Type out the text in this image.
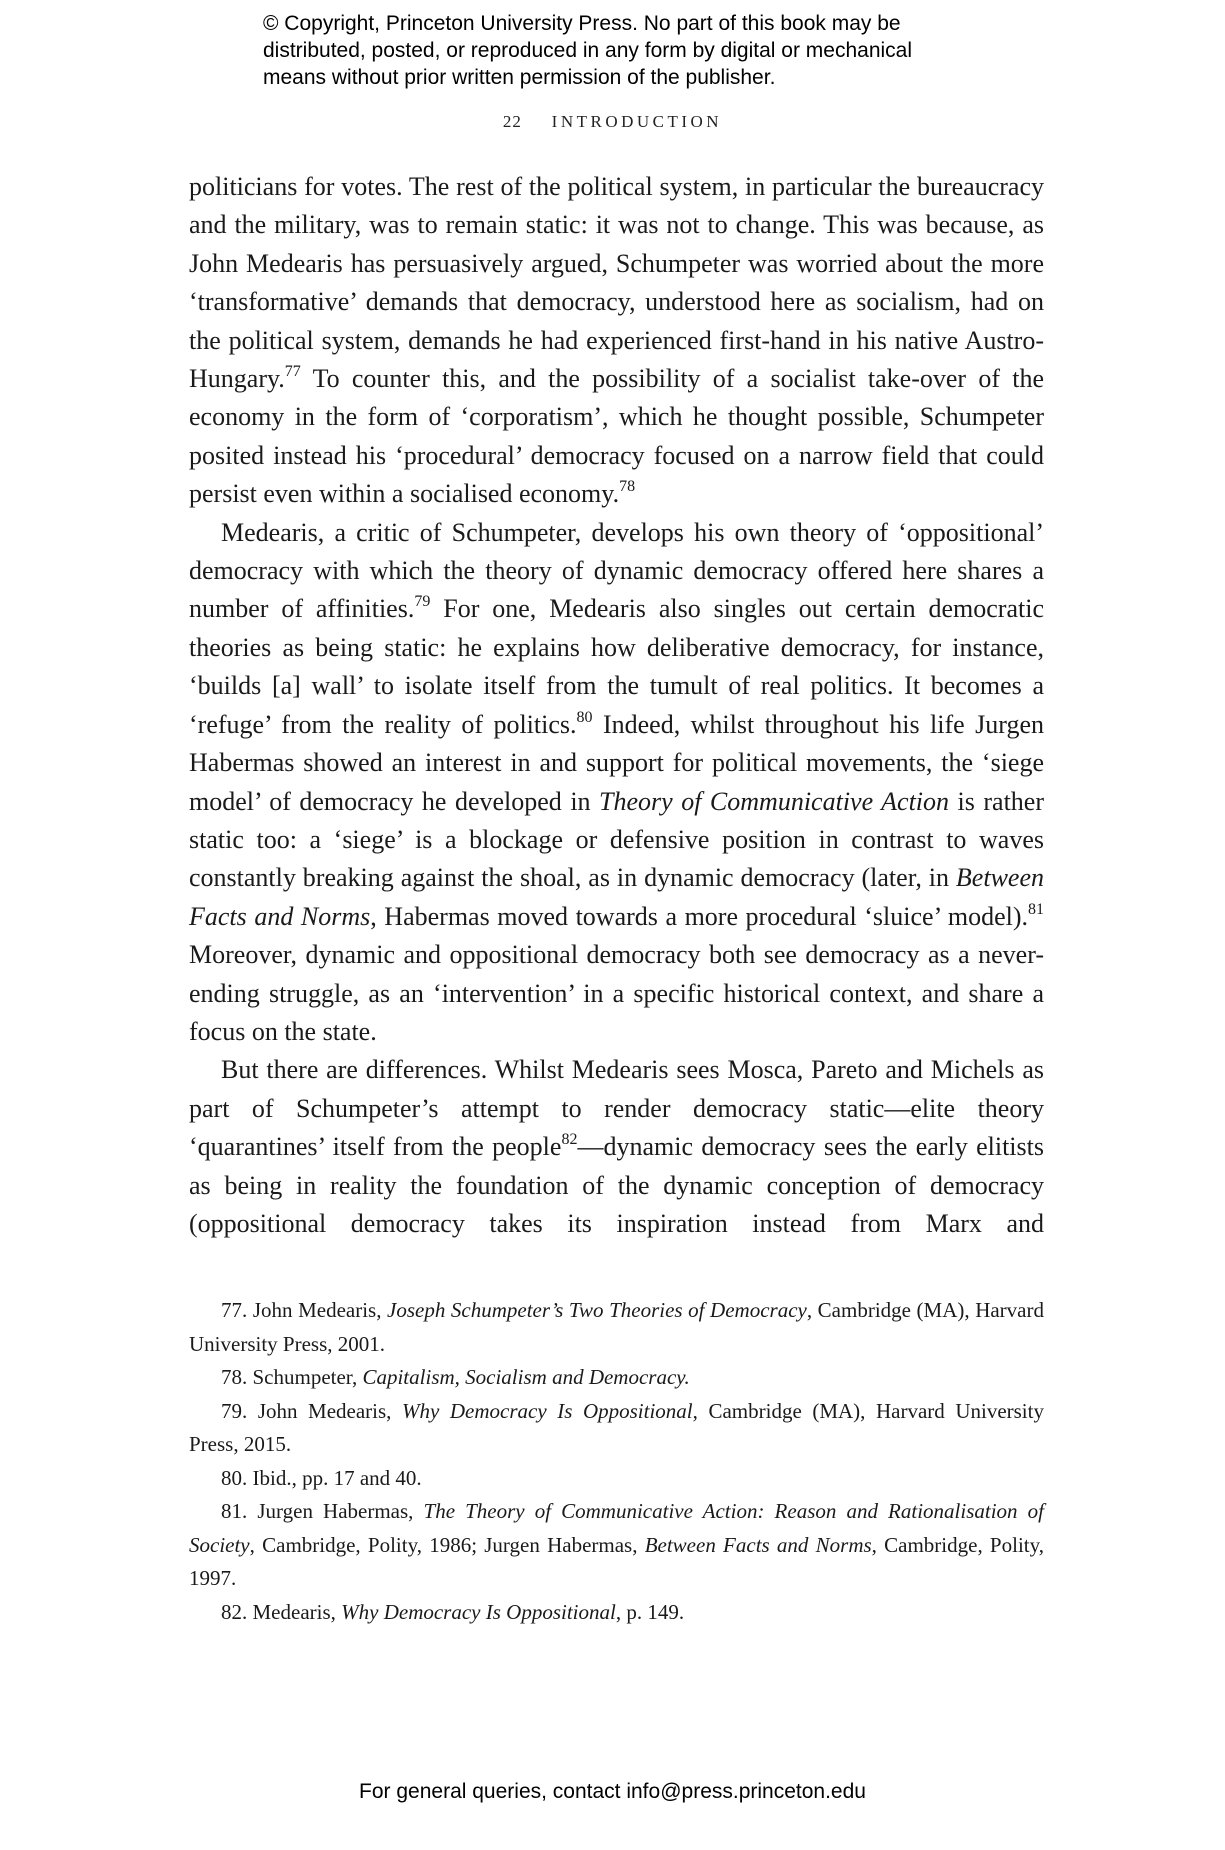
© Copyright, Princeton University Press. No part of this book may be
distributed, posted, or reproduced in any form by digital or mechanical
means without prior written permission of the publisher.
22 INTRODUCTION

politicians for votes. The rest of the political system, in particular the bureaucracy and the military, was to remain static: it was not to change. This was because, as John Medearis has persuasively argued, Schumpeter was worried about the more ‘transformative’ demands that democracy, understood here as socialism, had on the political system, demands he had experienced first-hand in his native Austro-Hungary.$^{77}$ To counter this, and the possibility of a socialist take-over of the economy in the form of ‘corporatism’, which he thought possible, Schumpeter posited instead his ‘procedural’ democracy focused on a narrow field that could persist even within a socialised economy.$^{78}$

Medearis, a critic of Schumpeter, develops his own theory of ‘oppositional’ democracy with which the theory of dynamic democracy offered here shares a number of affinities.$^{79}$ For one, Medearis also singles out certain democratic theories as being static: he explains how deliberative democracy, for instance, ‘builds [a] wall’ to isolate itself from the tumult of real politics. It becomes a ‘refuge’ from the reality of politics.$^{80}$ Indeed, whilst throughout his life Jurgen Habermas showed an interest in and support for political movements, the ‘siege model’ of democracy he developed in Theory of Communicative Action is rather static too: a ‘siege’ is a blockage or defensive position in contrast to waves constantly breaking against the shoal, as in dynamic democracy (later, in Between Facts and Norms, Habermas moved towards a more procedural ‘sluice’ model).$^{81}$ Moreover, dynamic and oppositional democracy both see democracy as a never-ending struggle, as an ‘intervention’ in a specific historical context, and share a focus on the state.

But there are differences. Whilst Medearis sees Mosca, Pareto and Michels as part of Schumpeter’s attempt to render democracy static—elite theory ‘quarantines’ itself from the people$^{82}$—dynamic democracy sees the early elitists as being in reality the foundation of the dynamic conception of democracy (oppositional democracy takes its inspiration instead from Marx and

77. John Medearis, Joseph Schumpeter’s Two Theories of Democracy, Cambridge (MA), Harvard University Press, 2001.

78. Schumpeter, Capitalism, Socialism and Democracy.

79. John Medearis, Why Democracy Is Oppositional, Cambridge (MA), Harvard University Press, 2015.

80. Ibid., pp. 17 and 40.

81. Jurgen Habermas, The Theory of Communicative Action: Reason and Rationalisation of Society, Cambridge, Polity, 1986; Jurgen Habermas, Between Facts and Norms, Cambridge, Polity, 1997.

82. Medearis, Why Democracy Is Oppositional, p. 149.

For general queries, contact info@press.princeton.edu
